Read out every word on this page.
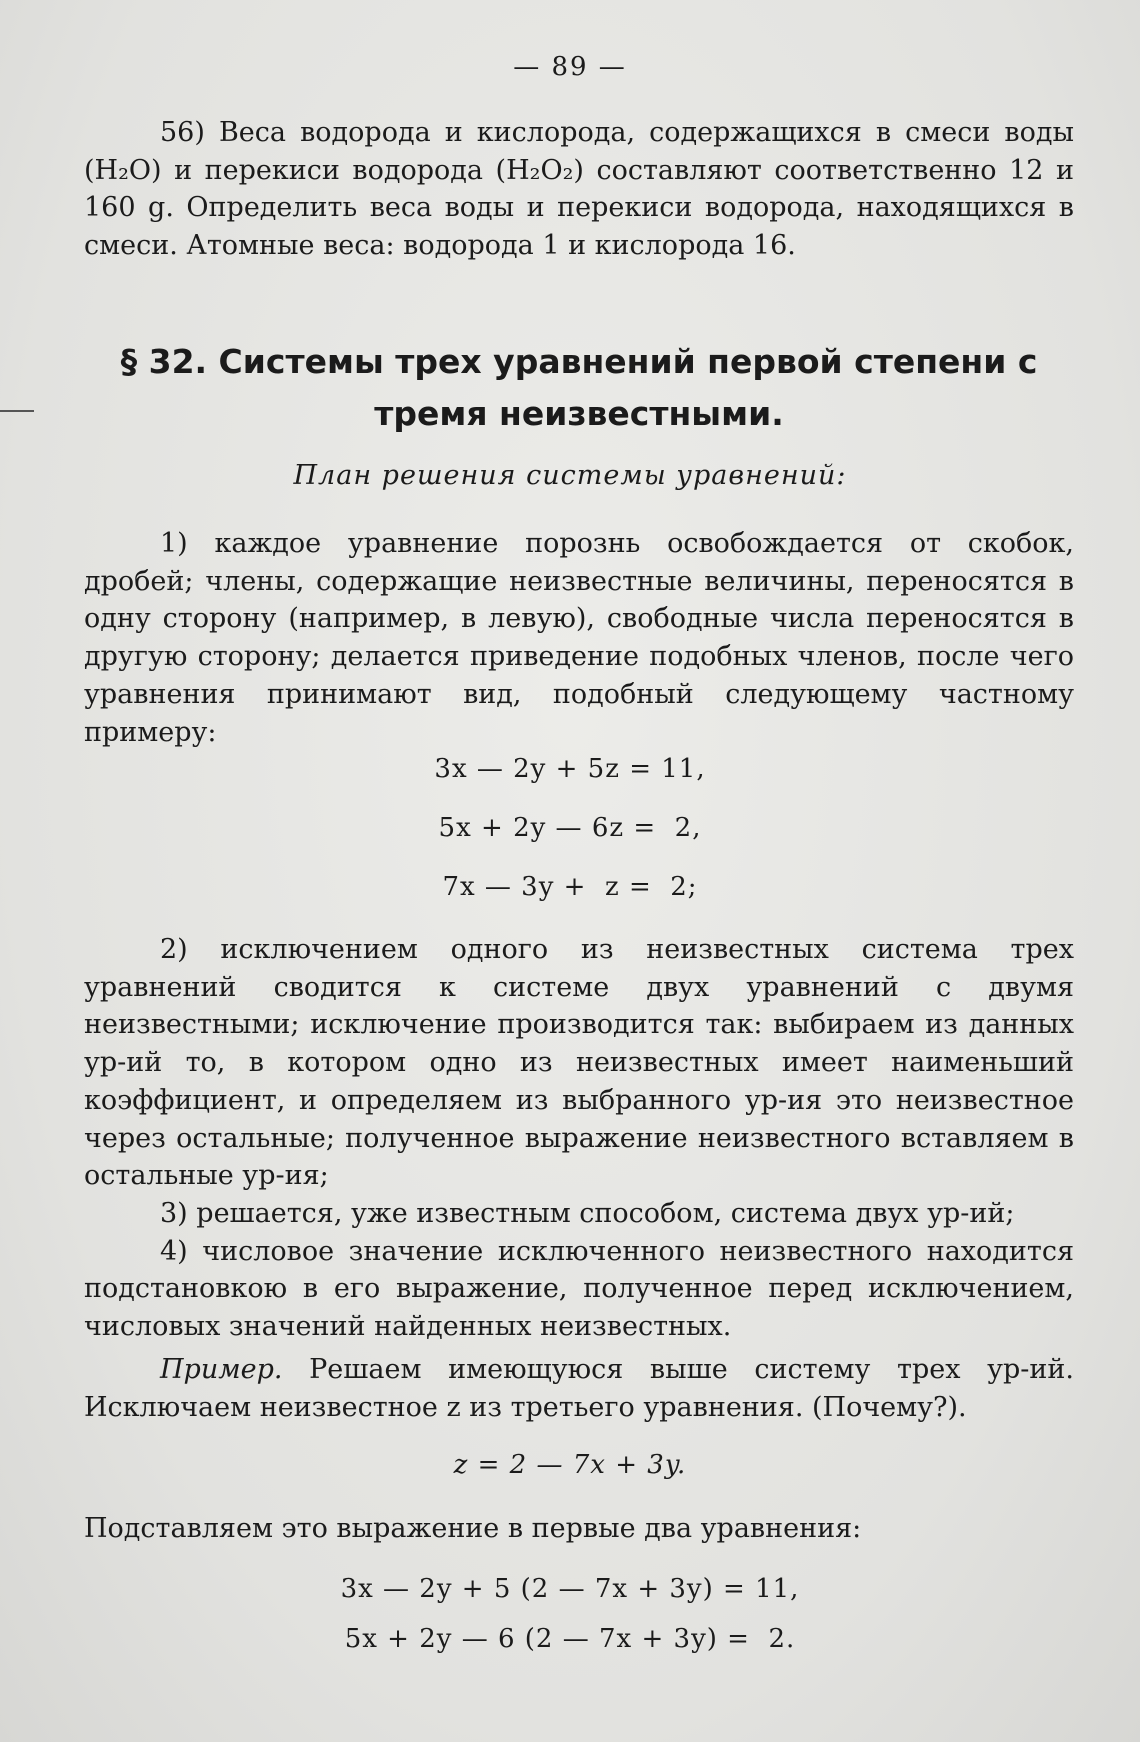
— 89 —

56) Веса водорода и кислорода, содержащихся в смеси воды (H₂O) и перекиси водорода (H₂O₂) составляют соответственно 12 и 160 g. Определить веса воды и перекиси водорода, находящихся в смеси. Атомные веса: водорода 1 и кислорода 16.

§ 32. Системы трех уравнений первой степени с тремя неизвестными.
План решения системы уравнений:

1) каждое уравнение порознь освобождается от скобок, дробей; члены, содержащие неизвестные величины, переносятся в одну сторону (например, в левую), свободные числа переносятся в другую сторону; делается приведение подобных членов, после чего уравнения принимают вид, подобный следующему частному примеру:

3x — 2y + 5z = 11,
5x + 2y — 6z =  2,
7x — 3y +  z =  2;

2) исключением одного из неизвестных система трех уравнений сводится к системе двух уравнений с двумя неизвестными; исключение производится так: выбираем из данных ур-ий то, в котором одно из неизвестных имеет наименьший коэффициент, и определяем из выбранного ур-ия это неизвестное через остальные; полученное выражение неизвестного вставляем в остальные ур-ия;

3) решается, уже известным способом, система двух ур-ий;

4) числовое значение исключенного неизвестного находится подстановкою в его выражение, полученное перед исключением, числовых значений найденных неизвестных.

Пример. Решаем имеющуюся выше систему трех ур-ий. Исключаем неизвестное z из третьего уравнения. (Почему?).

z = 2 — 7x + 3y.

Подставляем это выражение в первые два уравнения:

3x — 2y + 5 (2 — 7x + 3y) = 11,
5x + 2y — 6 (2 — 7x + 3y) =  2.
